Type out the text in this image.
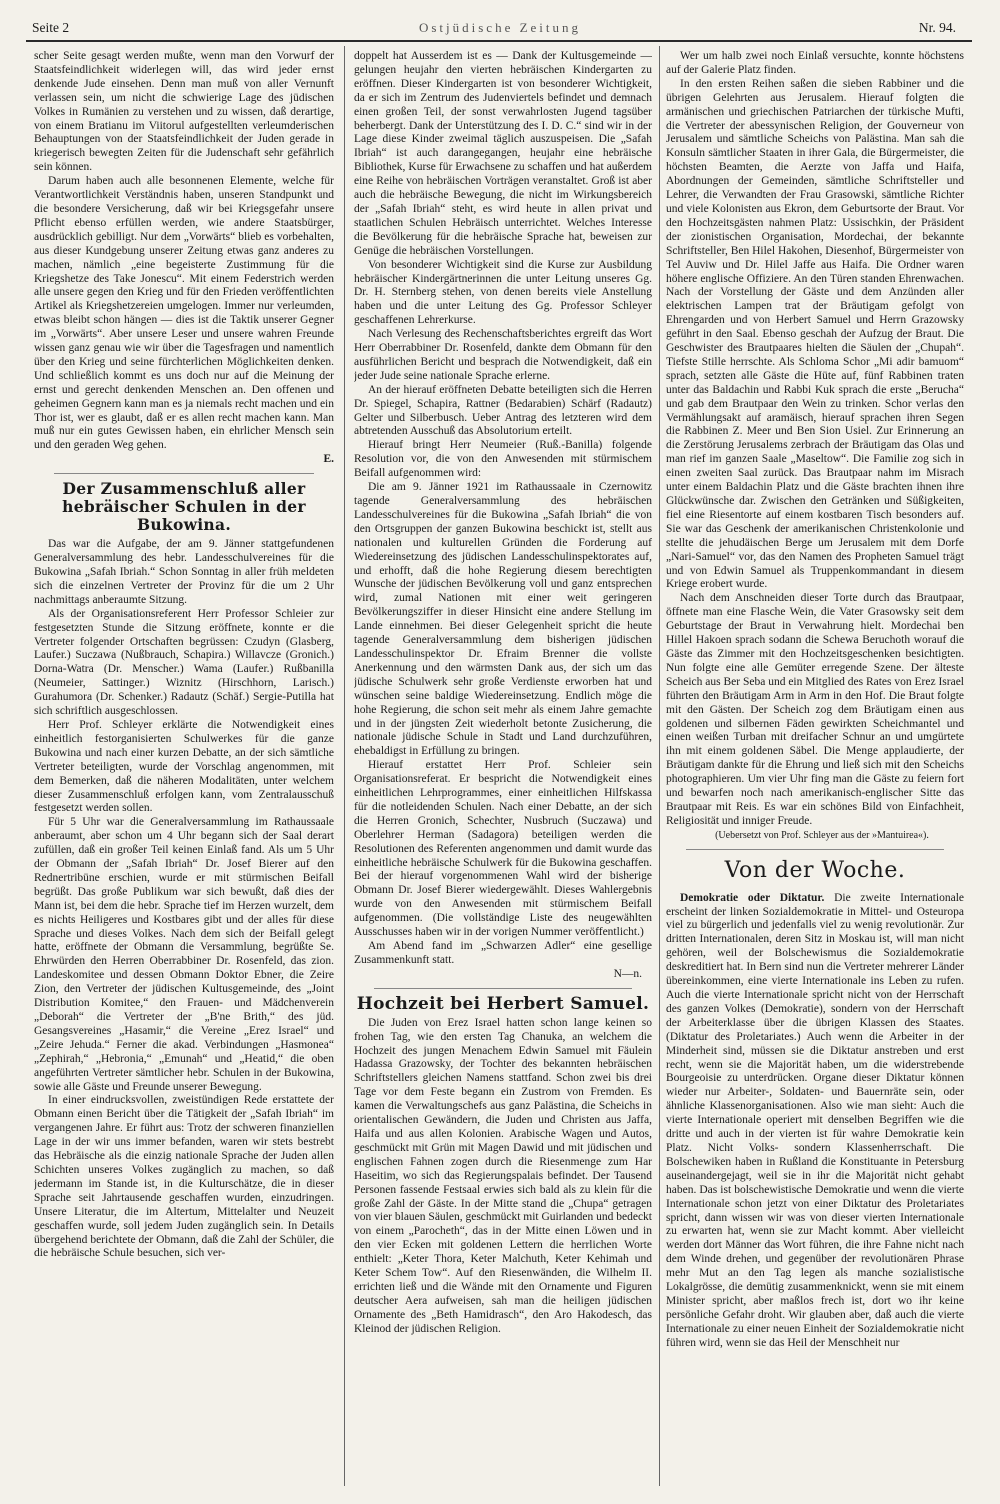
Seite 2	Ostjüdische Zeitung	Nr. 94.

scher Seite gesagt werden mußte, wenn man den Vorwurf der Staatsfeindlichkeit widerlegen will, das wird jeder ernst denkende Jude einsehen. Denn man muß von aller Vernunft verlassen sein, um nicht die schwierige Lage des jüdischen Volkes in Rumänien zu verstehen und zu wissen, daß derartige, von einem Bratianu im Viitorul aufgestellten verleumderischen Behauptungen von der Staatsfeindlichkeit der Juden gerade in kriegerisch bewegten Zeiten für die Judenschaft sehr gefährlich sein können.

Darum haben auch alle besonnenen Elemente, welche für Verantwortlichkeit Verständnis haben, unseren Standpunkt und die besondere Versicherung, daß wir bei Kriegsgefahr unsere Pflicht ebenso erfüllen werden, wie andere Staatsbürger, ausdrücklich gebilligt. Nur dem „Vorwärts“ blieb es vorbehalten, aus dieser Kundgebung unserer Zeitung etwas ganz anderes zu machen, nämlich „eine begeisterte Zustimmung für die Kriegshetze des Take Jonescu“. Mit einem Federstrich werden alle unsere gegen den Krieg und für den Frieden veröffentlichten Artikel als Kriegshetzereien umgelogen. Immer nur verleumden, etwas bleibt schon hängen — dies ist die Taktik unserer Gegner im „Vorwärts“. Aber unsere Leser und unsere wahren Freunde wissen ganz genau wie wir über die Tagesfragen und namentlich über den Krieg und seine fürchterlichen Möglichkeiten denken. Und schließlich kommt es uns doch nur auf die Meinung der ernst und gerecht denkenden Menschen an. Den offenen und geheimen Gegnern kann man es ja niemals recht machen und ein Thor ist, wer es glaubt, daß er es allen recht machen kann. Man muß nur ein gutes Gewissen haben, ein ehrlicher Mensch sein und den geraden Weg gehen.

E.

Der Zusammenschluß aller hebräischer Schulen in der Bukowina.

Das war die Aufgabe, der am 9. Jänner stattgefundenen Generalversammlung des hebr. Landesschulvereines für die Bukowina „Safah Ibriah.“ Schon Sonntag in aller früh meldeten sich die einzelnen Vertreter der Provinz für die um 2 Uhr nachmittags anberaumte Sitzung.

Als der Organisationsreferent Herr Professor Schleier zur festgesetzten Stunde die Sitzung eröffnete, konnte er die Vertreter folgender Ortschaften begrüssen: Czudyn (Glasberg, Laufer.) Suczawa (Nußbrauch, Schapira.) Willavcze (Gronich.) Dorna-Watra (Dr. Menscher.) Wama (Laufer.) Rußbanilla (Neumeier, Sattinger.) Wiznitz (Hirschhorn, Larisch.) Gurahumora (Dr. Schenker.) Radautz (Schäf.) Sergie-Putilla hat sich schriftlich ausgeschlossen.

Herr Prof. Schleyer erklärte die Notwendigkeit eines einheitlich festorganisierten Schulwerkes für die ganze Bukowina und nach einer kurzen Debatte, an der sich sämtliche Vertreter beteiligten, wurde der Vorschlag angenommen, mit dem Bemerken, daß die näheren Modalitäten, unter welchem dieser Zusammenschluß erfolgen kann, vom Zentralausschuß festgesetzt werden sollen.

Für 5 Uhr war die Generalversammlung im Rathaussaale anberaumt, aber schon um 4 Uhr begann sich der Saal derart zufüllen, daß ein großer Teil keinen Einlaß fand. Als um 5 Uhr der Obmann der „Safah Ibriah“ Dr. Josef Bierer auf den Rednertribüne erschien, wurde er mit stürmischen Beifall begrüßt. Das große Publikum war sich bewußt, daß dies der Mann ist, bei dem die hebr. Sprache tief im Herzen wurzelt, dem es nichts Heiligeres und Kostbares gibt und der alles für diese Sprache und dieses Volkes. Nach dem sich der Beifall gelegt hatte, eröffnete der Obmann die Versammlung, begrüßte Se. Ehrwürden den Herren Oberrabbiner Dr. Rosenfeld, das zion. Landeskomitee und dessen Obmann Doktor Ebner, die Zeire Zion, den Vertreter der jüdischen Kultusgemeinde, des „Joint Distribution Komitee,“ den Frauen- und Mädchenverein „Deborah“ die Vertreter der „B'ne Brith,“ des jüd. Gesangsvereines „Hasamir,“ die Vereine „Erez Israel“ und „Zeire Jehuda.“ Ferner die akad. Verbindungen „Hasmonea“ „Zephirah,“ „Hebronia,“ „Emunah“ und „Heatid,“ die oben angeführten Vertreter sämtlicher hebr. Schulen in der Bukowina, sowie alle Gäste und Freunde unserer Bewegung.

In einer eindrucksvollen, zweistündigen Rede erstattete der Obmann einen Bericht über die Tätigkeit der „Safah Ibriah“ im vergangenen Jahre. Er führt aus: Trotz der schweren finanziellen Lage in der wir uns immer befanden, waren wir stets bestrebt das Hebräische als die einzig nationale Sprache der Juden allen Schichten unseres Volkes zugänglich zu machen, so daß jedermann im Stande ist, in die Kulturschätze, die in dieser Sprache seit Jahrtausende geschaffen wurden, einzudringen. Unsere Literatur, die im Altertum, Mittelalter und Neuzeit geschaffen wurde, soll jedem Juden zugänglich sein. In Details übergehend berichtete der Obmann, daß die Zahl der Schüler, die die hebräische Schule besuchen, sich ver-

doppelt hat Ausserdem ist es — Dank der Kultusgemeinde — gelungen heujahr den vierten hebräischen Kindergarten zu eröffnen. Dieser Kindergarten ist von besonderer Wichtigkeit, da er sich im Zentrum des Judenviertels befindet und demnach einen großen Teil, der sonst verwahrlosten Jugend tagsüber beherbergt. Dank der Unterstützung des I. D. C.“ sind wir in der Lage diese Kinder zweimal täglich auszuspeisen. Die „Safah Ibriah“ ist auch darangegangen, heujahr eine hebräische Bibliothek, Kurse für Erwachsene zu schaffen und hat außerdem eine Reihe von hebräischen Vorträgen veranstaltet. Groß ist aber auch die hebräische Bewegung, die nicht im Wirkungsbereich der „Safah Ibriah“ steht, es wird heute in allen privat und staatlichen Schulen Hebräisch unterrichtet. Welches Interesse die Bevölkerung für die hebräische Sprache hat, beweisen zur Genüge die hebräischen Vorstellungen.

Von besonderer Wichtigkeit sind die Kurse zur Ausbildung hebräischer Kindergärtnerinnen die unter Leitung unseres Gg. Dr. H. Sternberg stehen, von denen bereits viele Anstellung haben und die unter Leitung des Gg. Professor Schleyer geschaffenen Lehrerkurse.

Nach Verlesung des Rechenschaftsberichtes ergreift das Wort Herr Oberrabbiner Dr. Rosenfeld, dankte dem Obmann für den ausführlichen Bericht und besprach die Notwendigkeit, daß ein jeder Jude seine nationale Sprache erlerne.

An der hierauf eröffneten Debatte beteiligten sich die Herren Dr. Spiegel, Schapira, Rattner (Bedarabien) Schärf (Radautz) Gelter und Silberbusch. Ueber Antrag des letzteren wird dem abtretenden Ausschuß das Absolutorium erteilt.

Hierauf bringt Herr Neumeier (Ruß.-Banilla) folgende Resolution vor, die von den Anwesenden mit stürmischem Beifall aufgenommen wird:

Die am 9. Jänner 1921 im Rathaussaale in Czernowitz tagende Generalversammlung des hebräischen Landesschulvereines für die Bukowina „Safah Ibriah“ die von den Ortsgruppen der ganzen Bukowina beschickt ist, stellt aus nationalen und kulturellen Gründen die Forderung auf Wiedereinsetzung des jüdischen Landesschulinspektorates auf, und erhofft, daß die hohe Regierung diesem berechtigten Wunsche der jüdischen Bevölkerung voll und ganz entsprechen wird, zumal Nationen mit einer weit geringeren Bevölkerungsziffer in dieser Hinsicht eine andere Stellung im Lande einnehmen. Bei dieser Gelegenheit spricht die heute tagende Generalversammlung dem bisherigen jüdischen Landesschulinspektor Dr. Efraim Brenner die vollste Anerkennung und den wärmsten Dank aus, der sich um das jüdische Schulwerk sehr große Verdienste erworben hat und wünschen seine baldige Wiedereinsetzung. Endlich möge die hohe Regierung, die schon seit mehr als einem Jahre gemachte und in der jüngsten Zeit wiederholt betonte Zusicherung, die nationale jüdische Schule in Stadt und Land durchzuführen, ehebaldigst in Erfüllung zu bringen.

Hierauf erstattet Herr Prof. Schleier sein Organisationsreferat. Er bespricht die Notwendigkeit eines einheitlichen Lehrprogrammes, einer einheitlichen Hilfskassa für die notleidenden Schulen. Nach einer Debatte, an der sich die Herren Gronich, Schechter, Nusbruch (Suczawa) und Oberlehrer Herman (Sadagora) beteiligen werden die Resolutionen des Referenten angenommen und damit wurde das einheitliche hebräische Schulwerk für die Bukowina geschaffen. Bei der hierauf vorgenommenen Wahl wird der bisherige Obmann Dr. Josef Bierer wiedergewählt. Dieses Wahlergebnis wurde von den Anwesenden mit stürmischem Beifall aufgenommen. (Die vollständige Liste des neugewählten Ausschusses haben wir in der vorigen Nummer veröffentlicht.)

Am Abend fand im „Schwarzen Adler“ eine gesellige Zusammenkunft statt.

N—n.

Hochzeit bei Herbert Samuel.

Die Juden von Erez Israel hatten schon lange keinen so frohen Tag, wie den ersten Tag Chanuka, an welchem die Hochzeit des jungen Menachem Edwin Samuel mit Fäulein Hadassa Grazowsky, der Tochter des bekannten hebräischen Schriftstellers gleichen Namens stattfand. Schon zwei bis drei Tage vor dem Feste begann ein Zustrom von Fremden. Es kamen die Verwaltungschefs aus ganz Palästina, die Scheichs in orientalischen Gewändern, die Juden und Christen aus Jaffa, Haifa und aus allen Kolonien. Arabische Wagen und Autos, geschmückt mit Grün mit Magen Dawid und mit jüdischen und englischen Fahnen zogen durch die Riesenmenge zum Har Haseitim, wo sich das Regierungspalais befindet. Der Tausend Personen fassende Festsaal erwies sich bald als zu klein für die große Zahl der Gäste. In der Mitte stand die „Chupa“ getragen von vier blauen Säulen, geschmückt mit Guirlanden und bedeckt von einem „Parocheth“, das in der Mitte einen Löwen und in den vier Ecken mit goldenen Lettern die herrlichen Worte enthielt: „Keter Thora, Keter Malchuth, Keter Kehimah und Keter Schem Tow“. Auf den Riesenwänden, die Wilhelm II. errichten ließ und die Wände mit den Ornamente und Figuren deutscher Aera aufweisen, sah man die heiligen jüdischen Ornamente des „Beth Hamidrasch“, den Aro Hakodesch, das Kleinod der jüdischen Religion.

Wer um halb zwei noch Einlaß versuchte, konnte höchstens auf der Galerie Platz finden.

In den ersten Reihen saßen die sieben Rabbiner und die übrigen Gelehrten aus Jerusalem. Hierauf folgten die armänischen und griechischen Patriarchen der türkische Mufti, die Vertreter der abessynischen Religion, der Gouverneur von Jerusalem und sämtliche Scheichs von Palästina. Man sah die Konsuln sämtlicher Staaten in ihrer Gala, die Bürgermeister, die höchsten Beamten, die Aerzte von Jaffa und Haifa, Abordnungen der Gemeinden, sämtliche Schriftsteller und Lehrer, die Verwandten der Frau Grasowski, sämtliche Richter und viele Kolonisten aus Ekron, dem Geburtsorte der Braut. Vor den Hochzeitsgästen nahmen Platz: Ussischkin, der Präsident der zionistischen Organisation, Mordechai, der bekannte Schriftsteller, Ben Hilel Hakohen, Diesenhof, Bürgermeister von Tel Auviw und Dr. Hilel Jaffe aus Haifa. Die Ordner waren höhere englische Offiziere. An den Türen standen Ehrenwachen. Nach der Vorstellung der Gäste und dem Anzünden aller elektrischen Lampen trat der Bräutigam gefolgt von Ehrengarden und von Herbert Samuel und Herrn Grazowsky geführt in den Saal. Ebenso geschah der Aufzug der Braut. Die Geschwister des Brautpaares hielten die Säulen der „Chupah“. Tiefste Stille herrschte. Als Schloma Schor „Mi adir bamuom“ sprach, setzten alle Gäste die Hüte auf, fünf Rabbinen traten unter das Baldachin und Rabbi Kuk sprach die erste „Berucha“ und gab dem Brautpaar den Wein zu trinken. Schor verlas den Vermählungsakt auf aramäisch, hierauf sprachen ihren Segen die Rabbinen Z. Meer und Ben Sion Usiel. Zur Erinnerung an die Zerstörung Jerusalems zerbrach der Bräutigam das Olas und man rief im ganzen Saale „Maseltow“. Die Familie zog sich in einen zweiten Saal zurück. Das Brautpaar nahm im Misrach unter einem Baldachin Platz und die Gäste brachten ihnen ihre Glückwünsche dar. Zwischen den Getränken und Süßigkeiten, fiel eine Riesentorte auf einem kostbaren Tisch besonders auf. Sie war das Geschenk der amerikanischen Christenkolonie und stellte die jehudäischen Berge um Jerusalem mit dem Dorfe „Nari-Samuel“ vor, das den Namen des Propheten Samuel trägt und von Edwin Samuel als Truppenkommandant in diesem Kriege erobert wurde.

Nach dem Anschneiden dieser Torte durch das Brautpaar, öffnete man eine Flasche Wein, die Vater Grasowsky seit dem Geburtstage der Braut in Verwahrung hielt. Mordechai ben Hillel Hakoen sprach sodann die Schewa Beruchoth worauf die Gäste das Zimmer mit den Hochzeitsgeschenken besichtigten. Nun folgte eine alle Gemüter erregende Szene. Der älteste Scheich aus Ber Seba und ein Mitglied des Rates von Erez Israel führten den Bräutigam Arm in Arm in den Hof. Die Braut folgte mit den Gästen. Der Scheich zog dem Bräutigam einen aus goldenen und silbernen Fäden gewirkten Scheichmantel und einen weißen Turban mit dreifacher Schnur an und umgürtete ihn mit einem goldenen Säbel. Die Menge applaudierte, der Bräutigam dankte für die Ehrung und ließ sich mit den Scheichs photographieren. Um vier Uhr fing man die Gäste zu feiern fort und bewarfen noch nach amerikanisch-englischer Sitte das Brautpaar mit Reis. Es war ein schönes Bild von Einfachheit, Religiosität und inniger Freude.

(Uebersetzt von Prof. Schleyer aus der »Mantuirea«).

Von der Woche.

Demokratie oder Diktatur. Die zweite Internationale erscheint der linken Sozialdemokratie in Mittel- und Osteuropa viel zu bürgerlich und jedenfalls viel zu wenig revolutionär. Zur dritten Internationalen, deren Sitz in Moskau ist, will man nicht gehören, weil der Bolschewismus die Sozialdemokratie deskreditiert hat. In Bern sind nun die Vertreter mehrerer Länder übereinkommen, eine vierte Internationale ins Leben zu rufen. Auch die vierte Internationale spricht nicht von der Herrschaft des ganzen Volkes (Demokratie), sondern von der Herrschaft der Arbeiterklasse über die übrigen Klassen des Staates. (Diktatur des Proletariates.) Auch wenn die Arbeiter in der Minderheit sind, müssen sie die Diktatur anstreben und erst recht, wenn sie die Majorität haben, um die widerstrebende Bourgeoisie zu unterdrücken. Organe dieser Diktatur können wieder nur Arbeiter-, Soldaten- und Bauernräte sein, oder ähnliche Klassenorganisationen. Also wie man sieht: Auch die vierte Internationale operiert mit denselben Begriffen wie die dritte und auch in der vierten ist für wahre Demokratie kein Platz. Nicht Volks- sondern Klassenherrschaft. Die Bolschewiken haben in Rußland die Konstituante in Petersburg auseinandergejagt, weil sie in ihr die Majorität nicht gehabt haben. Das ist bolschewistische Demokratie und wenn die vierte Internationale schon jetzt von einer Diktatur des Proletariates spricht, dann wissen wir was von dieser vierten Internationale zu erwarten hat, wenn sie zur Macht kommt. Aber vielleicht werden dort Männer das Wort führen, die ihre Fahne nicht nach dem Winde drehen, und gegenüber der revolutionären Phrase mehr Mut an den Tag legen als manche sozialistische Lokalgrösse, die demütig zusammenknickt, wenn sie mit einem Minister spricht, aber maßlos frech ist, dort wo ihr keine persönliche Gefahr droht. Wir glauben aber, daß auch die vierte Internationale zu einer neuen Einheit der Sozialdemokratie nicht führen wird, wenn sie das Heil der Menschheit nur
